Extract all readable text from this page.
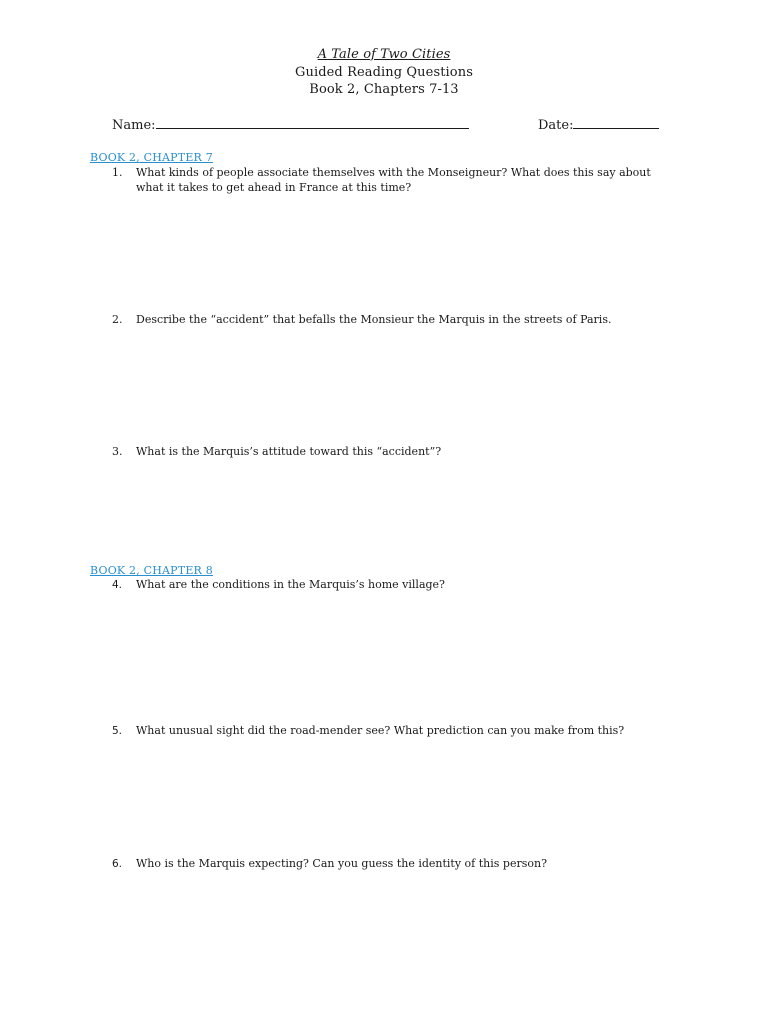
A Tale of Two Cities
Guided Reading Questions
Book 2, Chapters 7-13
Name:	Date:
BOOK 2, CHAPTER 7
1.	What kinds of people associate themselves with the Monseigneur? What does this say about what it takes to get ahead in France at this time?
2.	Describe the “accident” that befalls the Monsieur the Marquis in the streets of Paris.
3.	What is the Marquis’s attitude toward this “accident”?
BOOK 2, CHAPTER 8
4.	What are the conditions in the Marquis’s home village?
5.	What unusual sight did the road-mender see? What prediction can you make from this?
6.	Who is the Marquis expecting? Can you guess the identity of this person?
